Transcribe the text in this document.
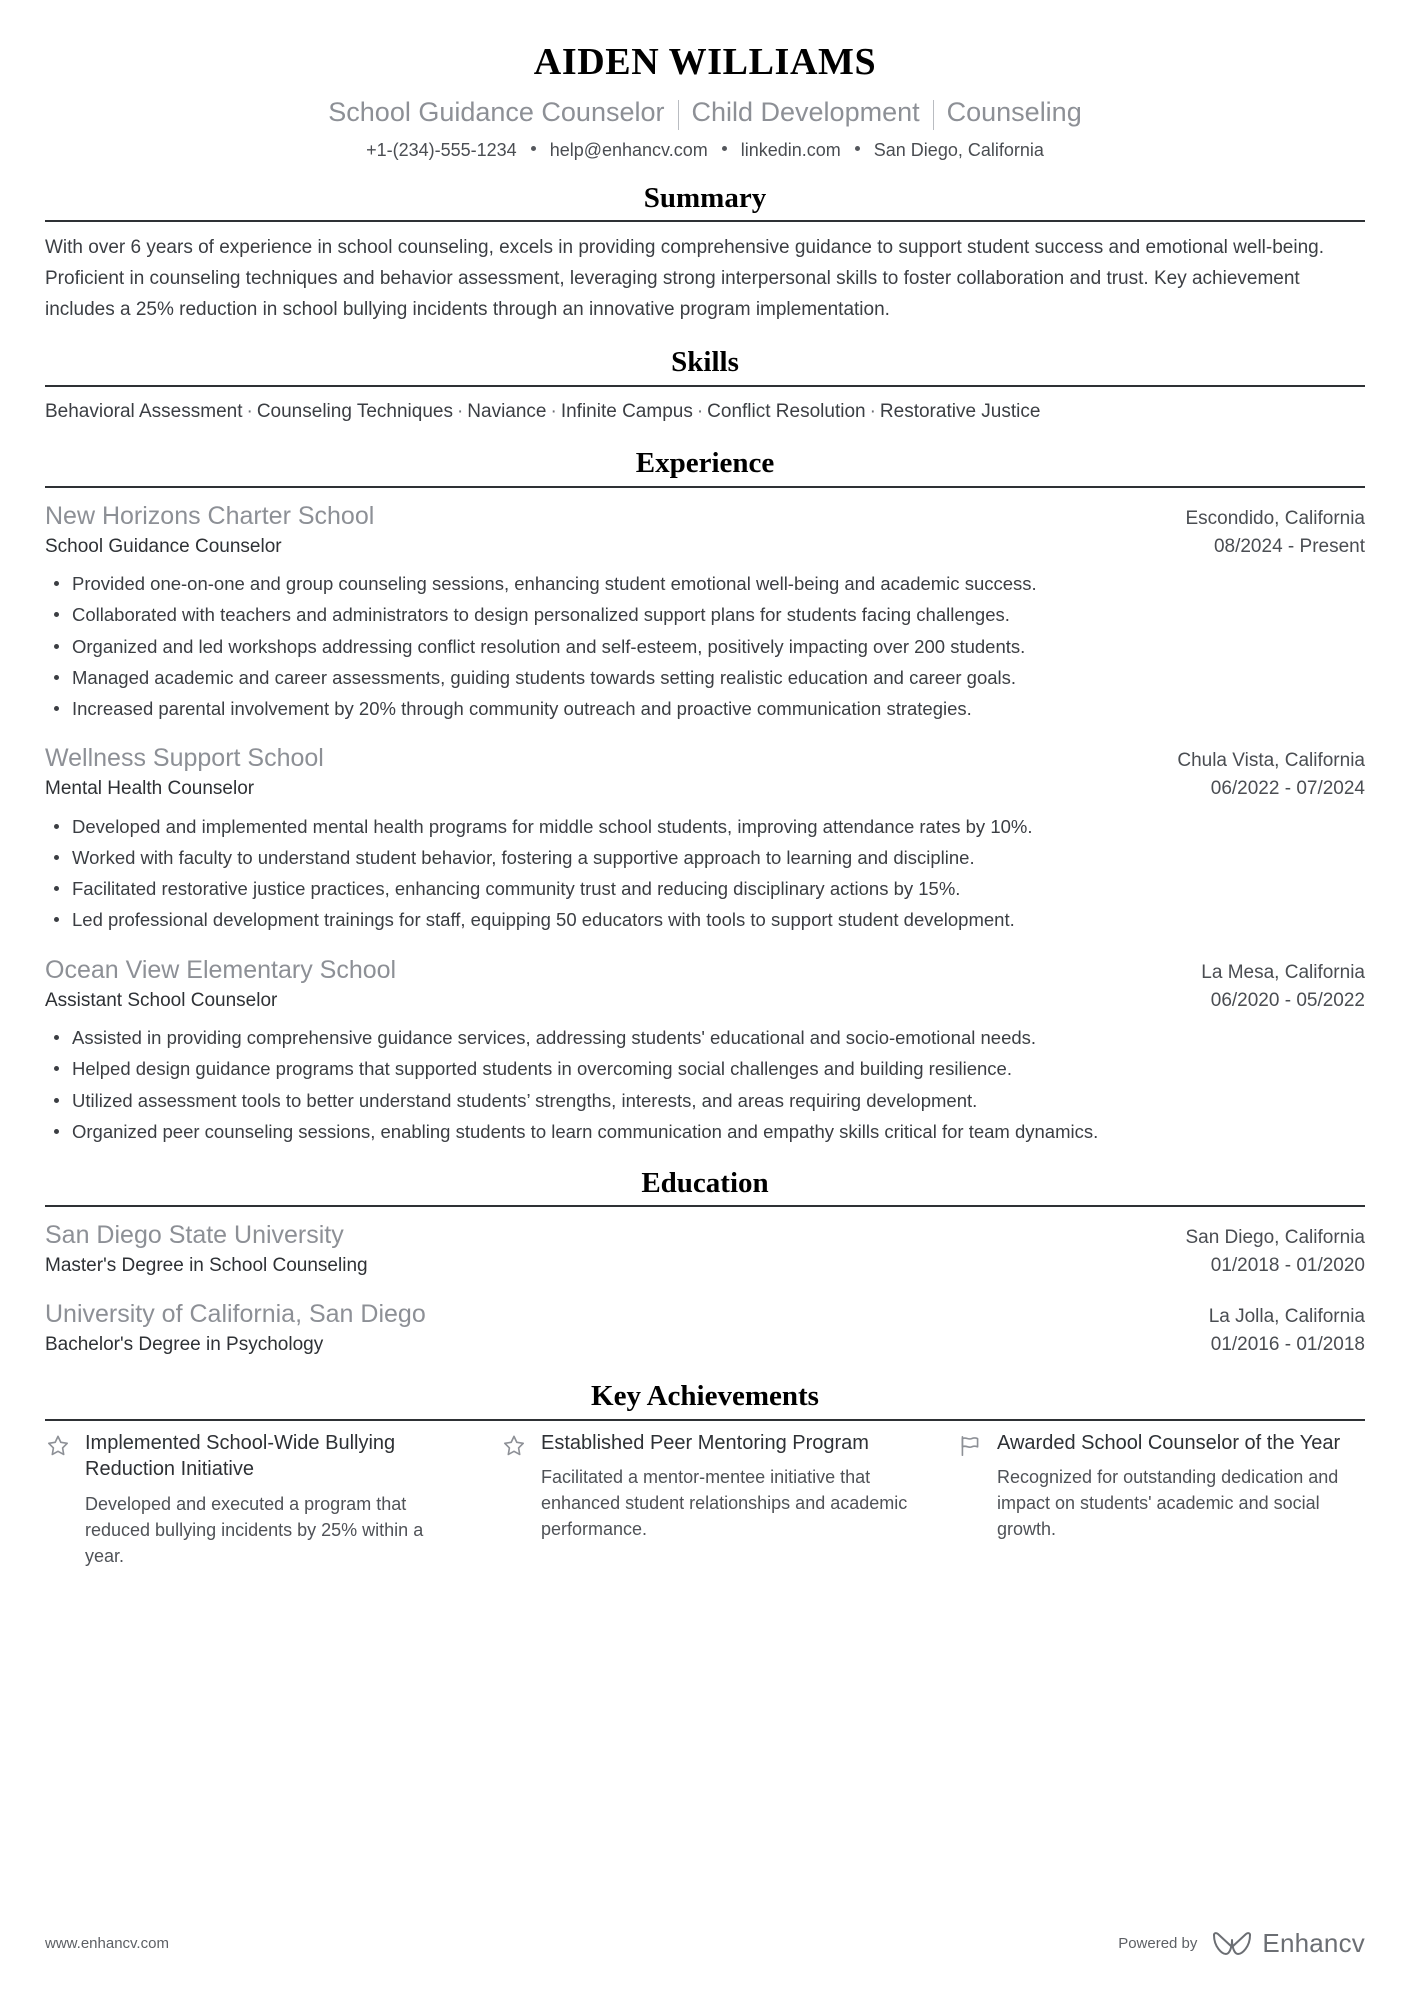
AIDEN WILLIAMS
School Guidance Counselor Child Development Counseling
+1-(234)-555-1234 help@enhancv.com linkedin.com San Diego, California
Summary

With over 6 years of experience in school counseling, excels in providing comprehensive guidance to support student success and emotional well-being. Proficient in counseling techniques and behavior assessment, leveraging strong interpersonal skills to foster collaboration and trust. Key achievement includes a 25% reduction in school bullying incidents through an innovative program implementation.

Skills
Behavioral Assessment · Counseling Techniques · Naviance · Infinite Campus · Conflict Resolution · Restorative Justice
Experience
New Horizons Charter School	Escondido, California
School Guidance Counselor	08/2024 - Present
Provided one-on-one and group counseling sessions, enhancing student emotional well-being and academic success.
Collaborated with teachers and administrators to design personalized support plans for students facing challenges.
Organized and led workshops addressing conflict resolution and self-esteem, positively impacting over 200 students.
Managed academic and career assessments, guiding students towards setting realistic education and career goals.
Increased parental involvement by 20% through community outreach and proactive communication strategies.
Wellness Support School	Chula Vista, California
Mental Health Counselor	06/2022 - 07/2024
Developed and implemented mental health programs for middle school students, improving attendance rates by 10%.
Worked with faculty to understand student behavior, fostering a supportive approach to learning and discipline.
Facilitated restorative justice practices, enhancing community trust and reducing disciplinary actions by 15%.
Led professional development trainings for staff, equipping 50 educators with tools to support student development.
Ocean View Elementary School	La Mesa, California
Assistant School Counselor	06/2020 - 05/2022
Assisted in providing comprehensive guidance services, addressing students' educational and socio-emotional needs.
Helped design guidance programs that supported students in overcoming social challenges and building resilience.
Utilized assessment tools to better understand students’ strengths, interests, and areas requiring development.
Organized peer counseling sessions, enabling students to learn communication and empathy skills critical for team dynamics.
Education
San Diego State University	San Diego, California
Master's Degree in School Counseling	01/2018 - 01/2020
University of California, San Diego	La Jolla, California
Bachelor's Degree in Psychology	01/2016 - 01/2018
Key Achievements
Implemented School-Wide Bullying Reduction Initiative
Developed and executed a program that reduced bullying incidents by 25% within a year.
Established Peer Mentoring Program
Facilitated a mentor-mentee initiative that enhanced student relationships and academic performance.
Awarded School Counselor of the Year
Recognized for outstanding dedication and impact on students' academic and social growth.
www.enhancv.com	Powered by	Enhancv
